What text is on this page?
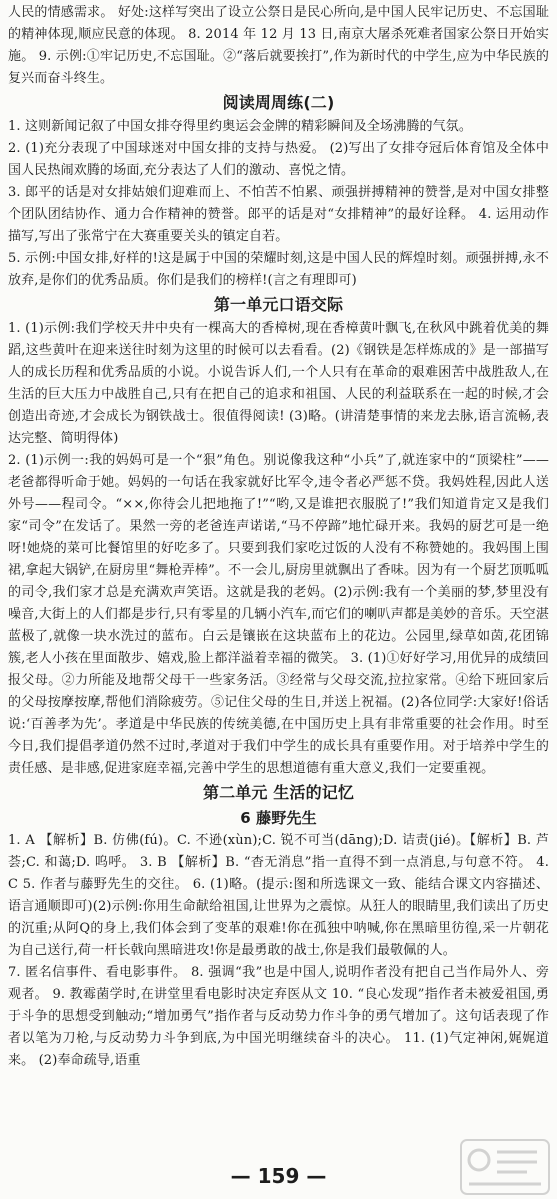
人民的情感需求。 好处:这样写突出了设立公祭日是民心所向,是中国人民牢记历史、不忘国耻的精神体现,顺应民意的体现。 8. 2014 年 12 月 13 日,南京大屠杀死难者国家公祭日开始实施。 9. 示例:①牢记历史,不忘国耻。②“落后就要挨打”,作为新时代的中学生,应为中华民族的复兴而奋斗终生。

阅读周周练(二)

1. 这则新闻记叙了中国女排夺得里约奥运会金牌的精彩瞬间及全场沸腾的气氛。

2. (1)充分表现了中国球迷对中国女排的支持与热爱。 (2)写出了女排夺冠后体育馆及全体中国人民热闹欢腾的场面,充分表达了人们的激动、喜悦之情。

3. 郎平的话是对女排姑娘们迎难而上、不怕苦不怕累、顽强拼搏精神的赞誉,是对中国女排整个团队团结协作、通力合作精神的赞誉。郎平的话是对“女排精神”的最好诠释。 4. 运用动作描写,写出了张常宁在大赛重要关头的镇定自若。

5. 示例:中国女排,好样的!这是属于中国的荣耀时刻,这是中国人民的辉煌时刻。顽强拼搏,永不放弃,是你们的优秀品质。你们是我们的榜样!(言之有理即可)

第一单元口语交际

1. (1)示例:我们学校天井中央有一棵高大的香樟树,现在香樟黄叶飘飞,在秋风中跳着优美的舞蹈,这些黄叶在迎来送往时刻为这里的时候可以去看看。(2)《钢铁是怎样炼成的》是一部描写人的成长历程和优秀品质的小说。小说告诉人们,一个人只有在革命的艰难困苦中战胜敌人,在生活的巨大压力中战胜自己,只有在把自己的追求和祖国、人民的利益联系在一起的时候,才会创造出奇迹,才会成长为钢铁战士。很值得阅读! (3)略。(讲清楚事情的来龙去脉,语言流畅,表达完整、简明得体)

2. (1)示例一:我的妈妈可是一个“狠”角色。别说像我这种“小兵”了,就连家中的“顶梁柱”——老爸都得听命于她。妈妈的一句话在我家就好比军令,违令者必严惩不贷。我妈姓程,因此人送外号——程司令。“××,你待会儿把地拖了!”“哟,又是谁把衣服脱了!”我们知道肯定又是我们家“司令”在发话了。果然一旁的老爸连声诺诺,“马不停蹄”地忙碌开来。我妈的厨艺可是一绝呀!她烧的菜可比餐馆里的好吃多了。只要到我们家吃过饭的人没有不称赞她的。我妈围上围裙,拿起大锅铲,在厨房里“舞枪弄棒”。不一会儿,厨房里就飘出了香味。因为有一个厨艺顶呱呱的司令,我们家才总是充满欢声笑语。这就是我的老妈。(2)示例:我有一个美丽的梦,梦里没有噪音,大街上的人们都是步行,只有零星的几辆小汽车,而它们的喇叭声都是美妙的音乐。天空湛蓝极了,就像一块水洗过的蓝布。白云是镶嵌在这块蓝布上的花边。公园里,绿草如茵,花团锦簇,老人小孩在里面散步、嬉戏,脸上都洋溢着幸福的微笑。 3. (1)①好好学习,用优异的成绩回报父母。②力所能及地帮父母干一些家务活。③经常与父母交流,拉拉家常。④给下班回家后的父母按摩按摩,帮他们消除疲劳。⑤记住父母的生日,并送上祝福。(2)各位同学:大家好!俗话说:‘百善孝为先’。孝道是中华民族的传统美德,在中国历史上具有非常重要的社会作用。时至今日,我们提倡孝道仍然不过时,孝道对于我们中学生的成长具有重要作用。对于培养中学生的责任感、是非感,促进家庭幸福,完善中学生的思想道德有重大意义,我们一定要重视。

第二单元 生活的记忆
6 藤野先生

1. A 【解析】B. 仿佛(fú)。C. 不逊(xùn);C. 锐不可当(dāng);D. 诘责(jié)。【解析】B. 芦荟;C. 和蔼;D. 呜呼。 3. B 【解析】B. “杳无消息”指一直得不到一点消息,与句意不符。 4. C 5. 作者与藤野先生的交往。 6. (1)略。(提示:图和所选课文一致、能结合课文内容描述、语言通顺即可)(2)示例:你用生命献给祖国,让世界为之震惊。从狂人的眼睛里,我们读出了历史的沉重;从阿Q的身上,我们体会到了变革的艰难!你在孤独中呐喊,你在黑暗里彷徨,采一片朝花为自己送行,荷一杆长戟向黑暗进攻!你是最勇敢的战士,你是我们最敬佩的人。

7. 匿名信事件、看电影事件。 8. 强调“我”也是中国人,说明作者没有把自己当作局外人、旁观者。 9. 教霉菌学时,在讲堂里看电影时决定弃医从文 10. “良心发现”指作者未被爱祖国,勇于斗争的思想受到触动;“增加勇气”指作者与反动势力作斗争的勇气增加了。这句话表现了作者以笔为刀枪,与反动势力斗争到底,为中国光明继续奋斗的决心。 11. (1)气定神闲,娓娓道来。 (2)奉命疏导,语重

— 159 —
